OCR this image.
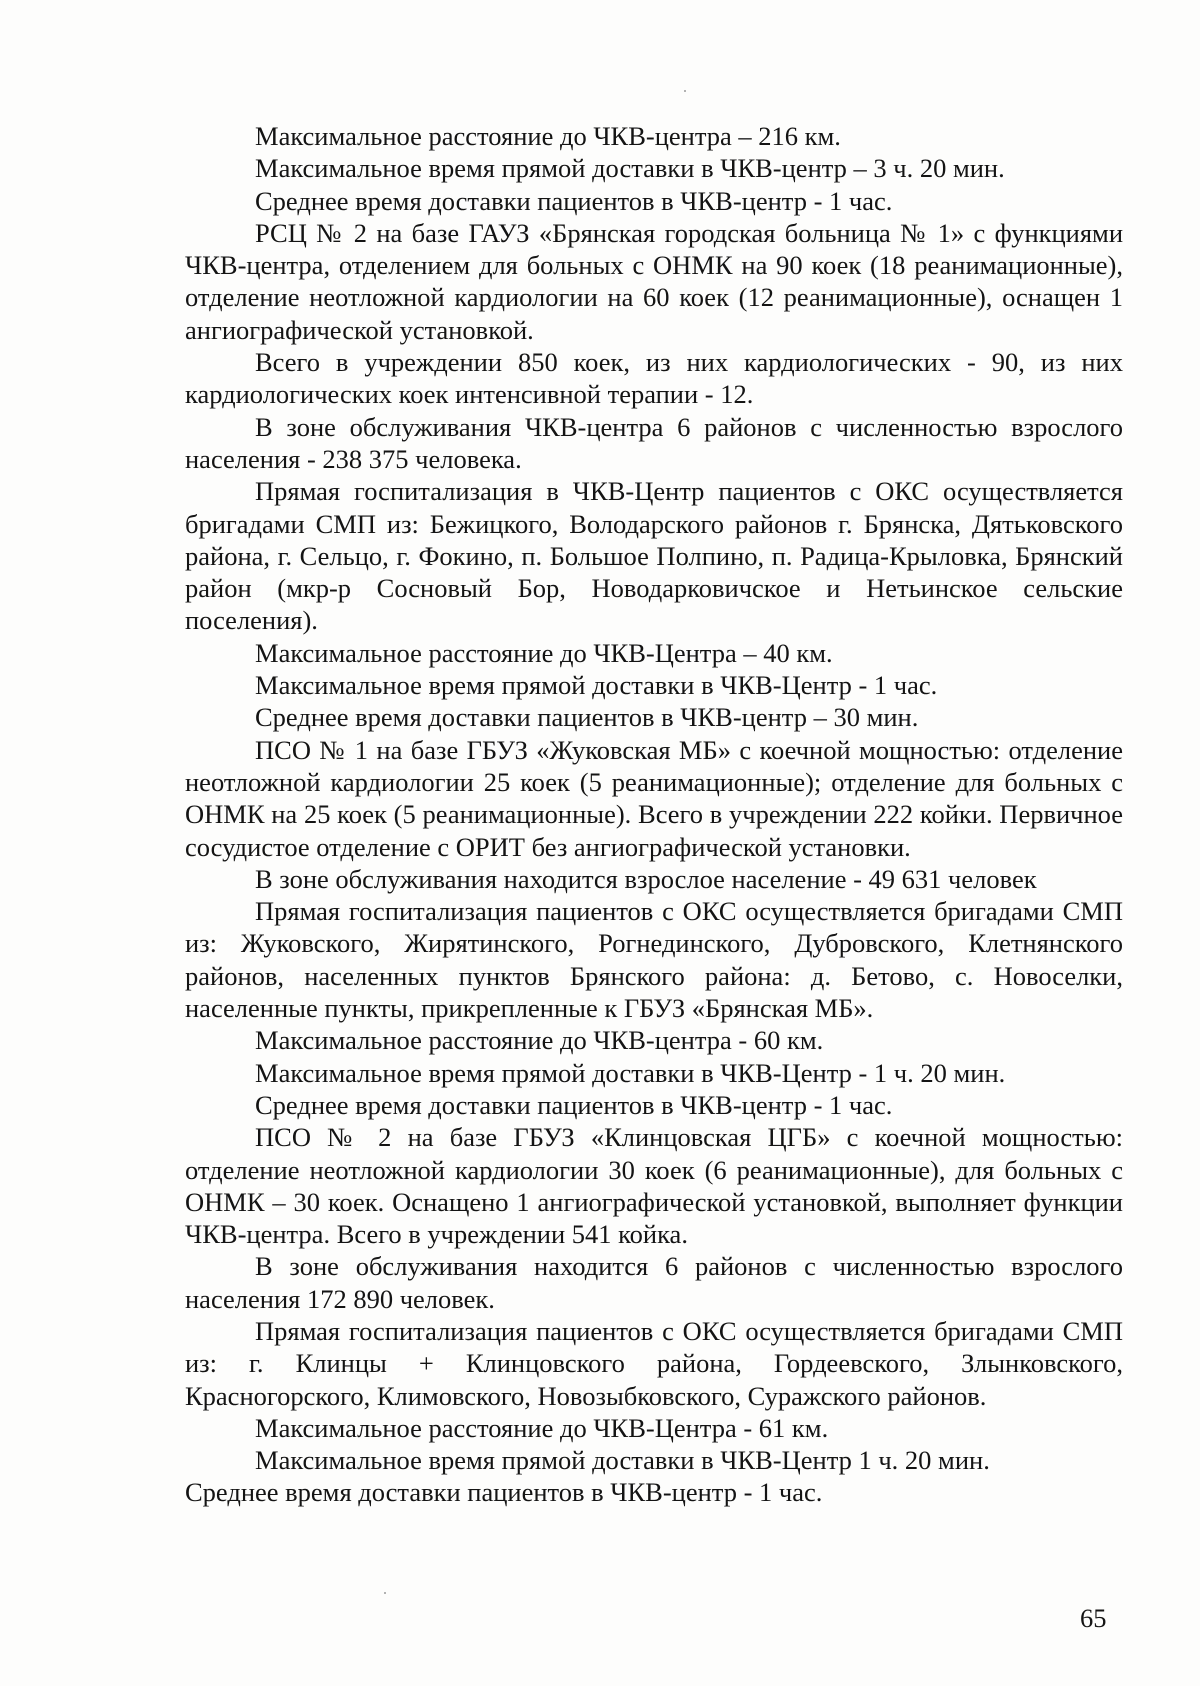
Максимальное расстояние до ЧКВ-центра – 216 км.

Максимальное время прямой доставки в ЧКВ-центр – 3 ч. 20 мин.

Среднее время доставки пациентов в ЧКВ-центр - 1 час.

РСЦ № 2 на базе ГАУЗ «Брянская городская больница № 1» с функциями ЧКВ-центра, отделением для больных с ОНМК на 90 коек (18 реанимационные), отделение неотложной кардиологии на 60 коек (12 реанимационные), оснащен 1 ангиографической установкой.

Всего в учреждении 850 коек, из них кардиологических - 90, из них кардиологических коек интенсивной терапии - 12.

В зоне обслуживания ЧКВ-центра 6 районов с численностью взрослого населения - 238 375 человека.

Прямая госпитализация в ЧКВ-Центр пациентов с ОКС осуществляется бригадами СМП из: Бежицкого, Володарского районов г. Брянска, Дятьковского района, г. Сельцо, г. Фокино, п. Большое Полпино, п. Радица-Крыловка, Брянский район (мкр-р Сосновый Бор, Новодарковичское и Нетьинское сельские поселения).

Максимальное расстояние до ЧКВ-Центра – 40 км.

Максимальное время прямой доставки в ЧКВ-Центр - 1 час.

Среднее время доставки пациентов в ЧКВ-центр – 30 мин.

ПСО № 1 на базе ГБУЗ «Жуковская МБ» с коечной мощностью: отделение неотложной кардиологии 25 коек (5 реанимационные); отделение для больных с ОНМК на 25 коек (5 реанимационные). Всего в учреждении 222 койки. Первичное сосудистое отделение с ОРИТ без ангиографической установки.

В зоне обслуживания находится взрослое население - 49 631 человек

Прямая госпитализация пациентов с ОКС осуществляется бригадами СМП из: Жуковского, Жирятинского, Рогнединского, Дубровского, Клетнянского районов, населенных пунктов Брянского района: д. Бетово, с. Новоселки, населенные пункты, прикрепленные к ГБУЗ «Брянская МБ».

Максимальное расстояние до ЧКВ-центра - 60 км.

Максимальное время прямой доставки в ЧКВ-Центр - 1 ч. 20 мин.

Среднее время доставки пациентов в ЧКВ-центр - 1 час.

ПСО № 2 на базе ГБУЗ «Клинцовская ЦГБ» с коечной мощностью: отделение неотложной кардиологии 30 коек (6 реанимационные), для больных с ОНМК – 30 коек. Оснащено 1 ангиографической установкой, выполняет функции ЧКВ-центра. Всего в учреждении 541 койка.

В зоне обслуживания находится 6 районов с численностью взрослого населения 172 890 человек.

Прямая госпитализация пациентов с ОКС осуществляется бригадами СМП из: г. Клинцы + Клинцовского района, Гордеевского, Злынковского, Красногорского, Климовского, Новозыбковского, Суражского районов.

Максимальное расстояние до ЧКВ-Центра - 61 км.

Максимальное время прямой доставки в ЧКВ-Центр 1 ч. 20 мин.

Среднее время доставки пациентов в ЧКВ-центр - 1 час.

65
